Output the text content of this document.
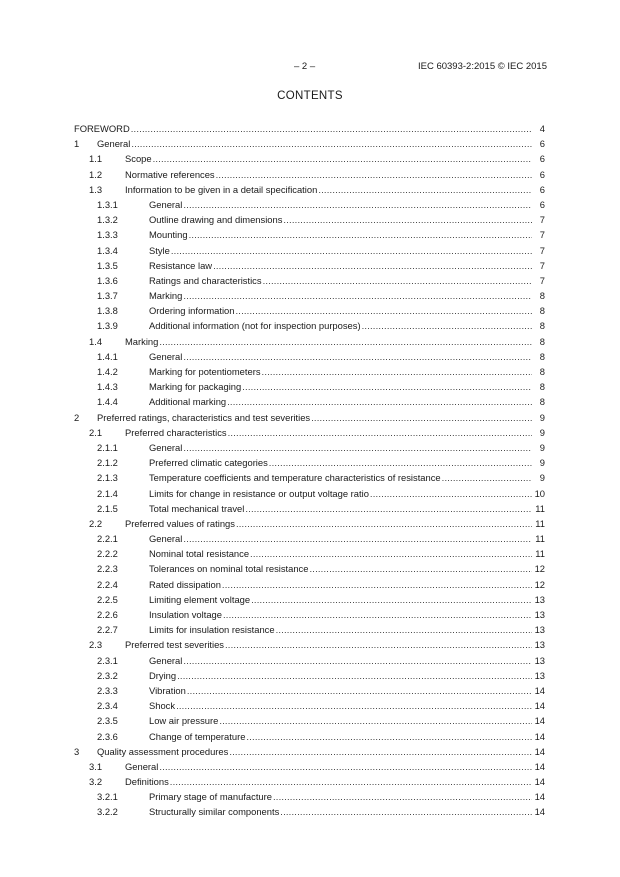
– 2 –	IEC 60393-2:2015 © IEC 2015
CONTENTS
FOREWORD .....	4
1 General .....	6
1.1 Scope .....	6
1.2 Normative references .....	6
1.3 Information to be given in a detail specification .....	6
1.3.1	General .....	6
1.3.2	Outline drawing and dimensions .....	7
1.3.3	Mounting .....	7
1.3.4	Style .....	7
1.3.5	Resistance law .....	7
1.3.6	Ratings and characteristics .....	7
1.3.7	Marking .....	8
1.3.8	Ordering information .....	8
1.3.9	Additional information (not for inspection purposes) .....	8
1.4 Marking .....	8
1.4.1	General .....	8
1.4.2	Marking for potentiometers .....	8
1.4.3	Marking for packaging .....	8
1.4.4	Additional marking .....	8
2 Preferred ratings, characteristics and test severities .....	9
2.1 Preferred characteristics .....	9
2.1.1	General .....	9
2.1.2	Preferred climatic categories .....	9
2.1.3	Temperature coefficients and temperature characteristics of resistance .....	9
2.1.4	Limits for change in resistance or output voltage ratio .....	10
2.1.5	Total mechanical travel .....	11
2.2 Preferred values of ratings .....	11
2.2.1	General .....	11
2.2.2	Nominal total resistance .....	11
2.2.3	Tolerances on nominal total resistance .....	12
2.2.4	Rated dissipation .....	12
2.2.5	Limiting element voltage .....	13
2.2.6	Insulation voltage .....	13
2.2.7	Limits for insulation resistance .....	13
2.3 Preferred test severities .....	13
2.3.1	General .....	13
2.3.2	Drying .....	13
2.3.3	Vibration .....	14
2.3.4	Shock .....	14
2.3.5	Low air pressure .....	14
2.3.6	Change of temperature .....	14
3 Quality assessment procedures .....	14
3.1 General .....	14
3.2 Definitions .....	14
3.2.1	Primary stage of manufacture .....	14
3.2.2	Structurally similar components .....	14
